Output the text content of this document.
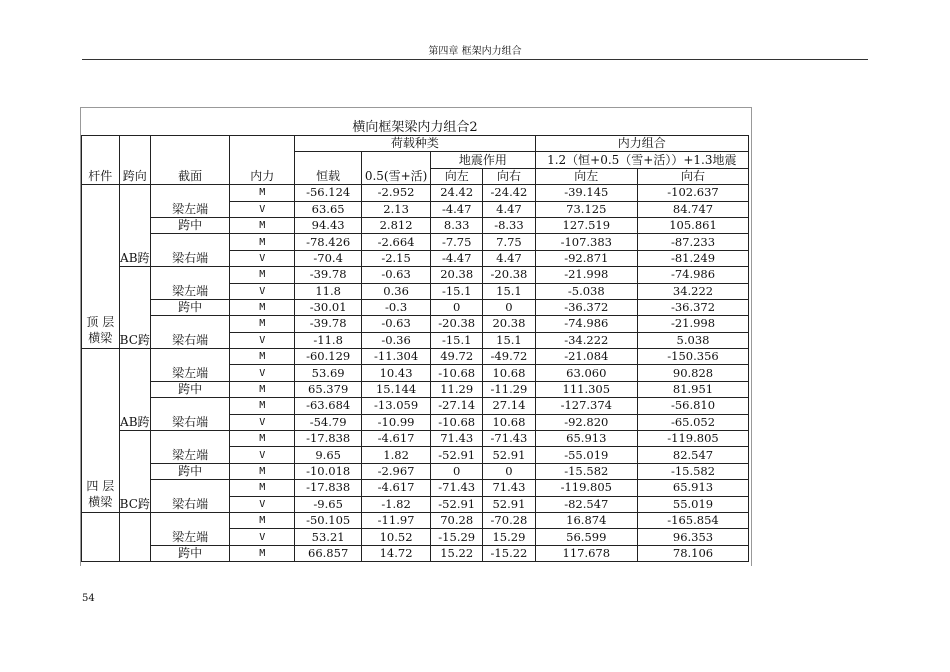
第四章 框架内力组合
横向框架梁内力组合2									
杆件	跨向	截面	内力	荷载种类				内力组合	
				恒载	0.5(雪+活)	地震作用		1.2（恒+0.5（雪+活））+1.3地震	
						向左	向右	向左	向右

顶 层
横梁	AB跨	梁左端	M	-56.124	-2.952	24.42	-24.42	-39.145	-102.637
			V	63.65	2.13	-4.47	4.47	73.125	84.747
		跨中	M	94.43	2.812	8.33	-8.33	127.519	105.861
		梁右端	M	-78.426	-2.664	-7.75	7.75	-107.383	-87.233
			V	-70.4	-2.15	-4.47	4.47	-92.871	-81.249
	BC跨	梁左端	M	-39.78	-0.63	20.38	-20.38	-21.998	-74.986
			V	11.8	0.36	-15.1	15.1	-5.038	34.222
		跨中	M	-30.01	-0.3	0	0	-36.372	-36.372
		梁右端	M	-39.78	-0.63	-20.38	20.38	-74.986	-21.998
			V	-11.8	-0.36	-15.1	15.1	-34.222	5.038

四 层
横梁	AB跨	梁左端	M	-60.129	-11.304	49.72	-49.72	-21.084	-150.356
			V	53.69	10.43	-10.68	10.68	63.060	90.828
		跨中	M	65.379	15.144	11.29	-11.29	111.305	81.951
		梁右端	M	-63.684	-13.059	-27.14	27.14	-127.374	-56.810
			V	-54.79	-10.99	-10.68	10.68	-92.820	-65.052
	BC跨	梁左端	M	-17.838	-4.617	71.43	-71.43	65.913	-119.805
			V	9.65	1.82	-52.91	52.91	-55.019	82.547
		跨中	M	-10.018	-2.967	0	0	-15.582	-15.582
		梁右端	M	-17.838	-4.617	-71.43	71.43	-119.805	65.913
			V	-9.65	-1.82	-52.91	52.91	-82.547	55.019
		梁左端	M	-50.105	-11.97	70.28	-70.28	16.874	-165.854
			V	53.21	10.52	-15.29	15.29	56.599	96.353
		跨中	M	66.857	14.72	15.22	-15.22	117.678	78.106
54
